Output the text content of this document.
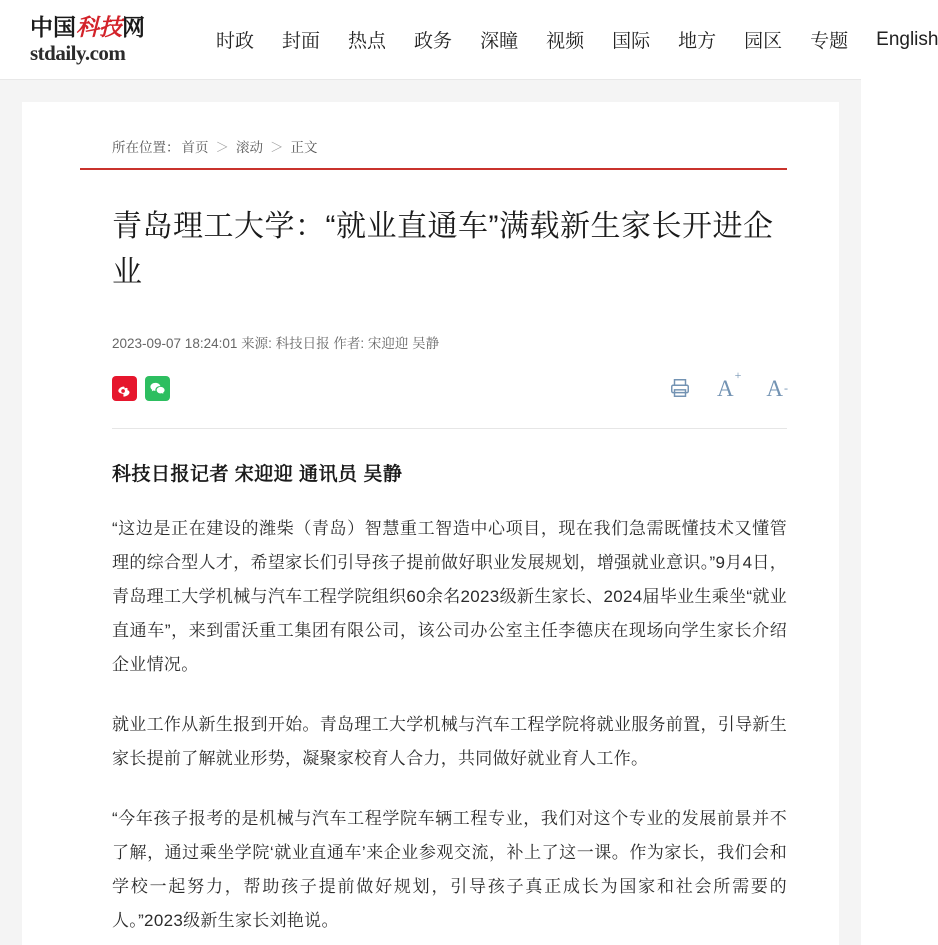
中国科技网
stdaily.com	时政 封面 热点 政务 深瞳 视频 国际 地方 园区 专题 English
所在位置： 首页 ＞ 滚动 ＞ 正文
青岛理工大学：“就业直通车”满载新生家长开进企业
2023-09-07 18:24:01 来源: 科技日报 作者: 宋迎迎 吴静
A+
$A_-$

科技日报记者 宋迎迎 通讯员 吴静

“这边是正在建设的潍柴（青岛）智慧重工智造中心项目，现在我们急需既懂技术又懂管理的综合型人才，希望家长们引导孩子提前做好职业发展规划，增强就业意识。”9月4日，青岛理工大学机械与汽车工程学院组织60余名2023级新生家长、2024届毕业生乘坐“就业直通车”，来到雷沃重工集团有限公司，该公司办公室主任李德庆在现场向学生家长介绍企业情况。

就业工作从新生报到开始。青岛理工大学机械与汽车工程学院将就业服务前置，引导新生家长提前了解就业形势，凝聚家校育人合力，共同做好就业育人工作。

“今年孩子报考的是机械与汽车工程学院车辆工程专业，我们对这个专业的发展前景并不了解，通过乘坐学院‘就业直通车’来企业参观交流，补上了这一课。作为家长，我们会和学校一起努力，帮助孩子提前做好规划，引导孩子真正成长为国家和社会所需要的人。”2023级新生家长刘艳说。
